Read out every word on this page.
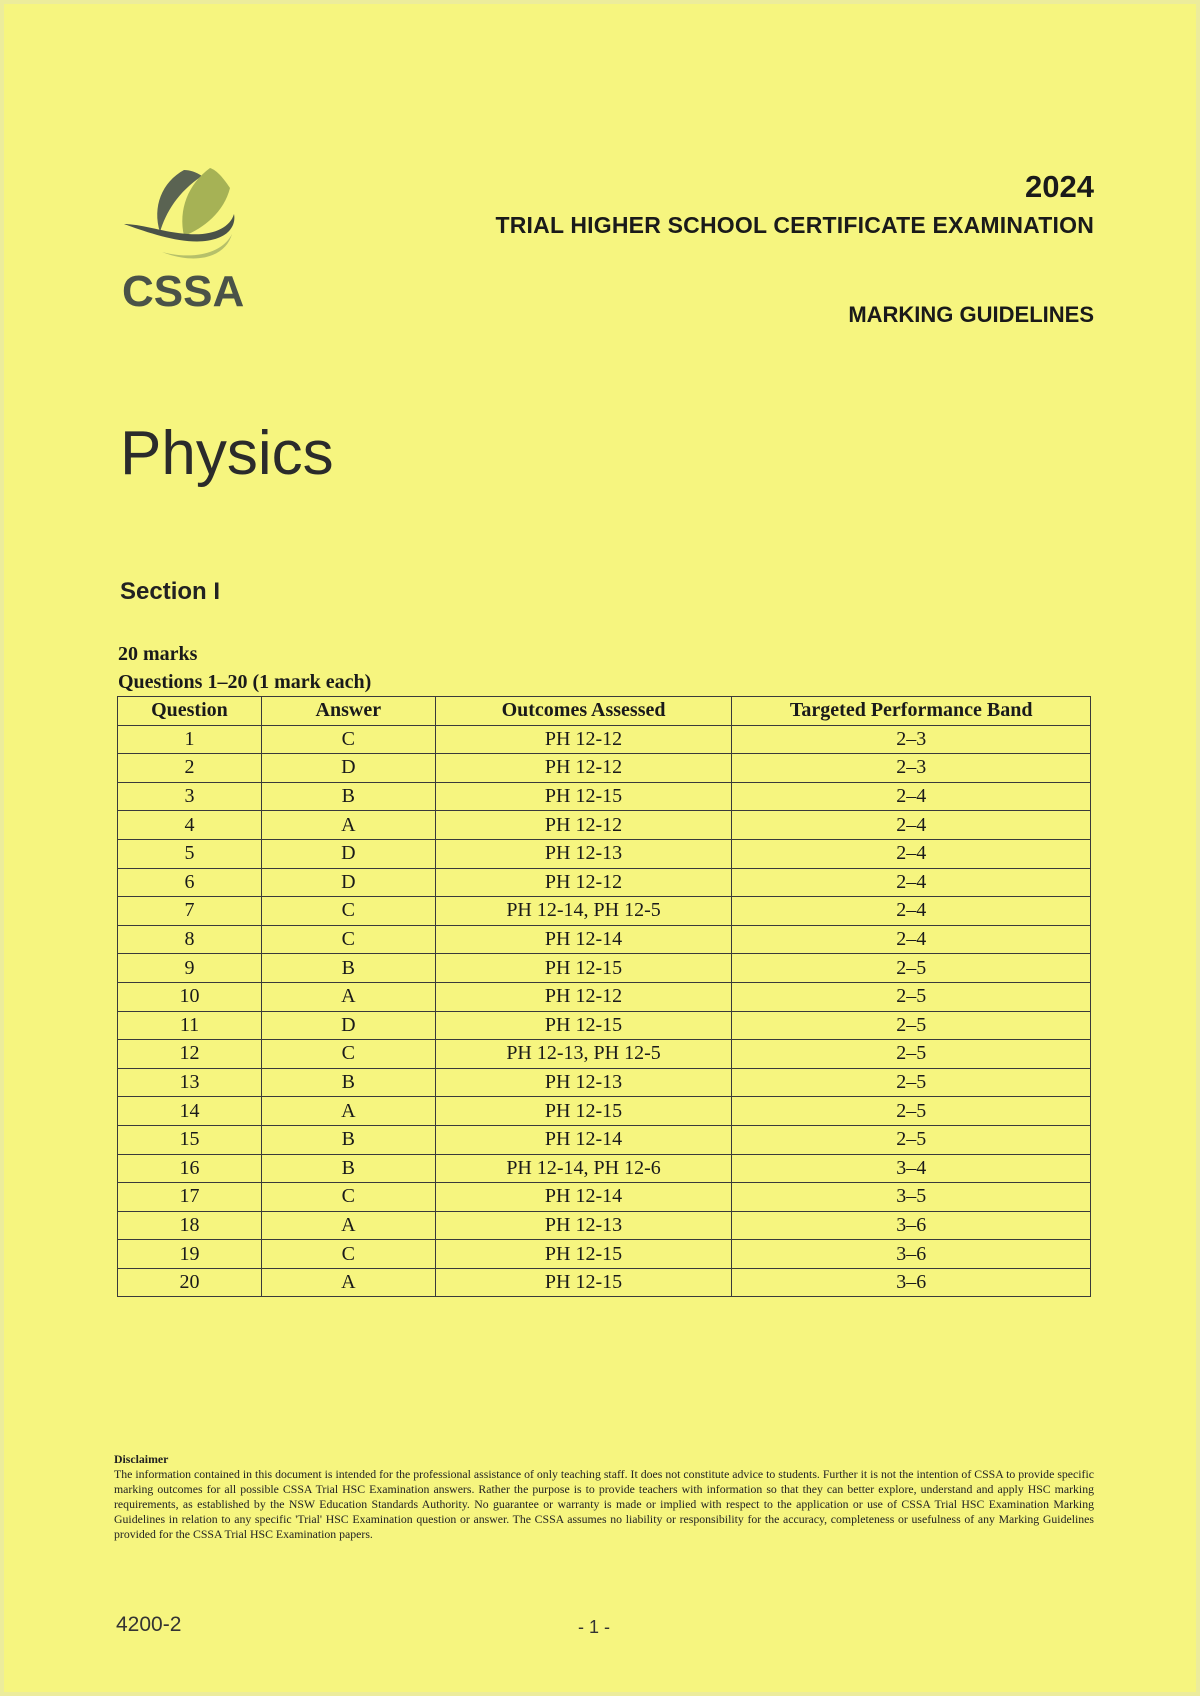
CSSA
2024
TRIAL HIGHER SCHOOL CERTIFICATE EXAMINATION
MARKING GUIDELINES
Physics
Section I
20 marks
Questions 1–20 (1 mark each)
Question	Answer	Outcomes Assessed	Targeted Performance Band
1	C	PH 12-12	2–3
2	D	PH 12-12	2–3
3	B	PH 12-15	2–4
4	A	PH 12-12	2–4
5	D	PH 12-13	2–4
6	D	PH 12-12	2–4
7	C	PH 12-14, PH 12-5	2–4
8	C	PH 12-14	2–4
9	B	PH 12-15	2–5
10	A	PH 12-12	2–5
11	D	PH 12-15	2–5
12	C	PH 12-13, PH 12-5	2–5
13	B	PH 12-13	2–5
14	A	PH 12-15	2–5
15	B	PH 12-14	2–5
16	B	PH 12-14, PH 12-6	3–4
17	C	PH 12-14	3–5
18	A	PH 12-13	3–6
19	C	PH 12-15	3–6
20	A	PH 12-15	3–6
Disclaimer
The information contained in this document is intended for the professional assistance of only teaching staff. It does not constitute advice to students. Further it is not the intention of CSSA to provide specific marking outcomes for all possible CSSA Trial HSC Examination answers. Rather the purpose is to provide teachers with information so that they can better explore, understand and apply HSC marking requirements, as established by the NSW Education Standards Authority. No guarantee or warranty is made or implied with respect to the application or use of CSSA Trial HSC Examination Marking Guidelines in relation to any specific 'Trial' HSC Examination question or answer. The CSSA assumes no liability or responsibility for the accuracy, completeness or usefulness of any Marking Guidelines provided for the CSSA Trial HSC Examination papers.
4200-2	- 1 -
